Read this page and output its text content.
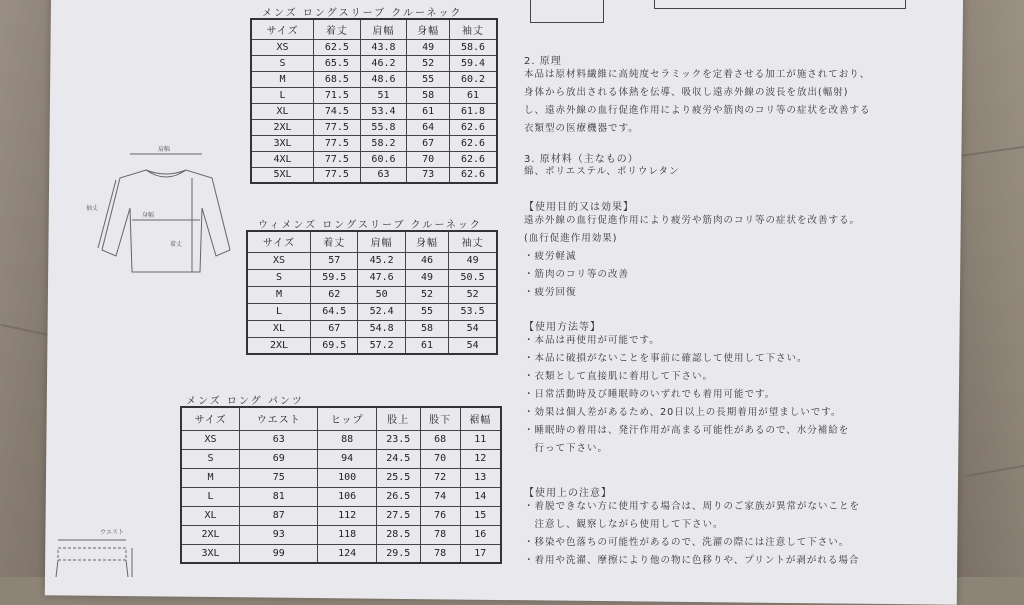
メンズ ロングスリーブ クルーネック
サイズ	着丈	肩幅	身幅	袖丈
XS	62.5	43.8	49	58.6
S	65.5	46.2	52	59.4
M	68.5	48.6	55	60.2
L	71.5	51	58	61
XL	74.5	53.4	61	61.8
2XL	77.5	55.8	64	62.6
3XL	77.5	58.2	67	62.6
4XL	77.5	60.6	70	62.6
5XL	77.5	63	73	62.6
ウィメンズ ロングスリーブ クルーネック
サイズ	着丈	肩幅	身幅	袖丈
XS	57	45.2	46	49
S	59.5	47.6	49	50.5
M	62	50	52	52
L	64.5	52.4	55	53.5
XL	67	54.8	58	54
2XL	69.5	57.2	61	54
メンズ ロング パンツ
サイズ	ウエスト	ヒップ	股上	股下	裾幅
XS	63	88	23.5	68	11
S	69	94	24.5	70	12
M	75	100	25.5	72	13
L	81	106	26.5	74	14
XL	87	112	27.5	76	15
2XL	93	118	28.5	78	16
3XL	99	124	29.5	78	17
肩幅
袖丈
身幅
着丈
ウエスト
2. 原理
本品は原材料繊維に高純度セラミックを定着させる加工が施されており、
身体から放出される体熱を伝導、吸収し遠赤外線の波長を放出(輻射)
し、遠赤外線の血行促進作用により疲労や筋肉のコリ等の症状を改善する
衣類型の医療機器です。
3. 原材料（主なもの）
綿、ポリエステル、ポリウレタン
【使用目的又は効果】
遠赤外線の血行促進作用により疲労や筋肉のコリ等の症状を改善する。
(血行促進作用効果)
・疲労軽減
・筋肉のコリ等の改善
・疲労回復
【使用方法等】
・本品は再使用が可能です。
・本品に破損がないことを事前に確認して使用して下さい。
・衣類として直接肌に着用して下さい。
・日常活動時及び睡眠時のいずれでも着用可能です。
・効果は個人差があるため、20日以上の長期着用が望ましいです。
・睡眠時の着用は、発汗作用が高まる可能性があるので、水分補給を
　行って下さい。
【使用上の注意】
・着脱できない方に使用する場合は、周りのご家族が異常がないことを
　注意し、観察しながら使用して下さい。
・移染や色落ちの可能性があるので、洗濯の際には注意して下さい。
・着用や洗濯、摩擦により他の物に色移りや、プリントが剥がれる場合
